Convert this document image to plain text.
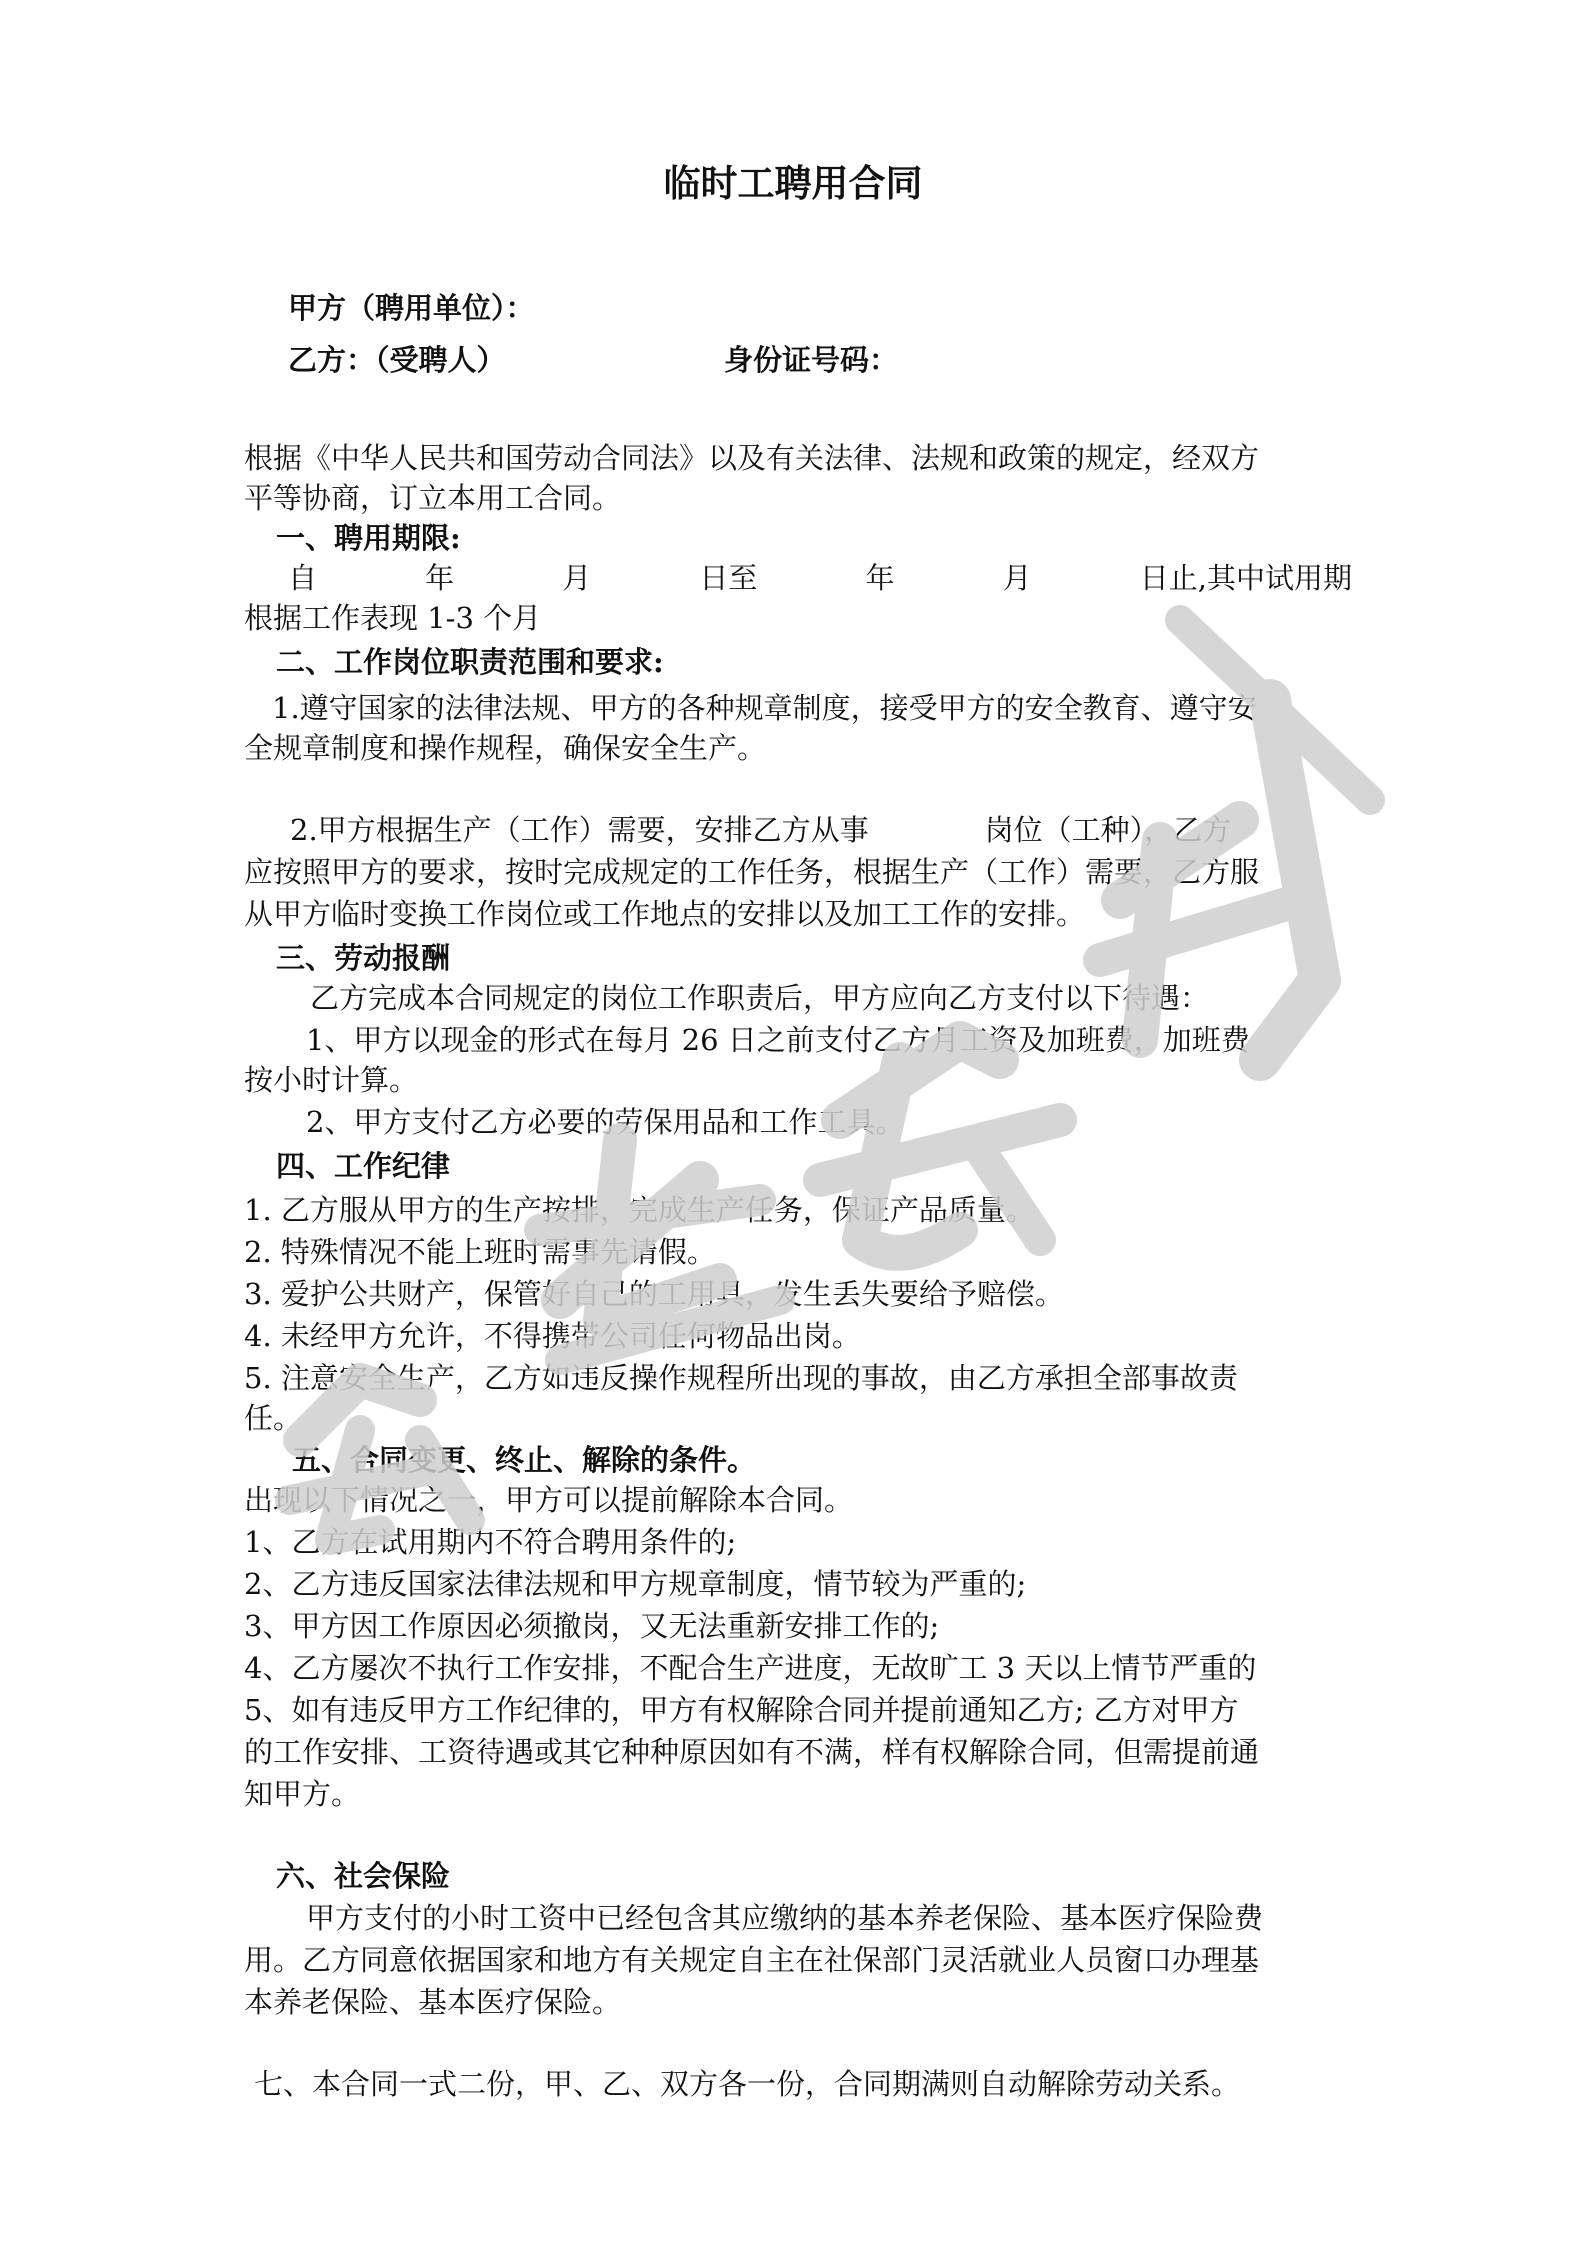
临时工聘用合同
甲方（聘用单位）：
乙方：（受聘人）	身份证号码：
根据《中华人民共和国劳动合同法》以及有关法律、法规和政策的规定，经双方
平等协商，订立本用工合同。
一、聘用期限:
自	年	月	日至	年	月	日止,其中试用期
根据工作表现 1-3 个月
二、工作岗位职责范围和要求:
1.遵守国家的法律法规、甲方的各种规章制度，接受甲方的安全教育、遵守安
全规章制度和操作规程，确保安全生产。
2.甲方根据生产（工作）需要，安排乙方从事　　　　岗位（工种），乙方
应按照甲方的要求，按时完成规定的工作任务，根据生产（工作）需要，乙方服
从甲方临时变换工作岗位或工作地点的安排以及加工工作的安排。
三、劳动报酬
乙方完成本合同规定的岗位工作职责后，甲方应向乙方支付以下待遇：
1、甲方以现金的形式在每月 26 日之前支付乙方月工资及加班费，加班费
按小时计算。
2、甲方支付乙方必要的劳保用品和工作工具。
四、工作纪律
1. 乙方服从甲方的生产按排，完成生产任务，保证产品质量。
2. 特殊情况不能上班时需事先请假。
3. 爱护公共财产，保管好自己的工用具，发生丢失要给予赔偿。
4. 未经甲方允许，不得携带公司任何物品出岗。
5. 注意安全生产，乙方如违反操作规程所出现的事故，由乙方承担全部事故责
任。
五、合同变更、终止、解除的条件。
出现以下情况之一，甲方可以提前解除本合同。
1、乙方在试用期内不符合聘用条件的;
2、乙方违反国家法律法规和甲方规章制度，情节较为严重的;
3、甲方因工作原因必须撤岗，又无法重新安排工作的;
4、乙方屡次不执行工作安排，不配合生产进度，无故旷工 3 天以上情节严重的
5、如有违反甲方工作纪律的，甲方有权解除合同并提前通知乙方; 乙方对甲方
的工作安排、工资待遇或其它种种原因如有不满，样有权解除合同，但需提前通
知甲方。
六、社会保险
甲方支付的小时工资中已经包含其应缴纳的基本养老保险、基本医疗保险费
用。乙方同意依据国家和地方有关规定自主在社保部门灵活就业人员窗口办理基
本养老保险、基本医疗保险。
七、本合同一式二份，甲、乙、双方各一份，合同期满则自动解除劳动关系。
